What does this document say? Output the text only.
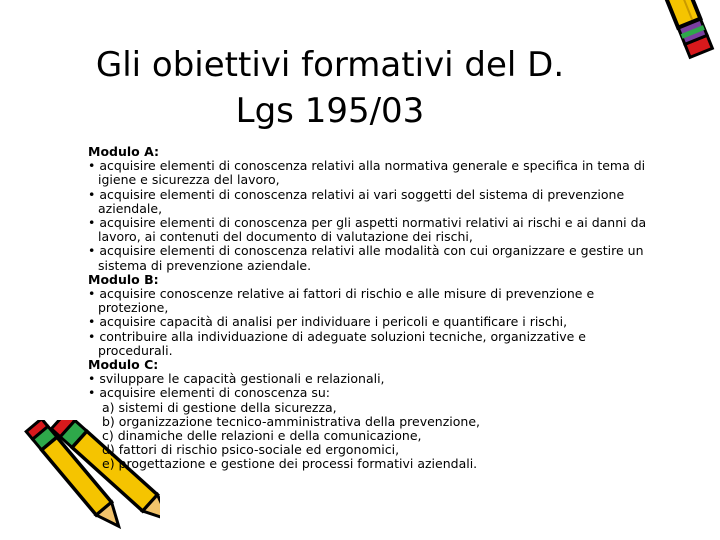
Gli obiettivi formativi del D.
Lgs 195/03

Modulo A:

• acquisire elementi di conoscenza relativi alla normativa generale e specifica in tema di igiene e sicurezza del lavoro,

• acquisire elementi di conoscenza relativi ai vari soggetti del sistema di prevenzione aziendale,

• acquisire elementi di conoscenza per gli aspetti normativi relativi ai rischi e ai danni da lavoro, ai contenuti del documento di valutazione dei rischi,

• acquisire elementi di conoscenza relativi alle modalità con cui organizzare e gestire un sistema di prevenzione aziendale.

Modulo B:

• acquisire conoscenze relative ai fattori di rischio e alle misure di prevenzione e protezione,

• acquisire capacità di analisi per individuare i pericoli e quantificare i rischi,

• contribuire alla individuazione di adeguate soluzioni tecniche, organizzative e procedurali.

Modulo C:

• sviluppare le capacità gestionali e relazionali,

• acquisire elementi di conoscenza su:

a) sistemi di gestione della sicurezza,

b) organizzazione tecnico-amministrativa della prevenzione,

c) dinamiche delle relazioni e della comunicazione,

d) fattori di rischio psico-sociale ed ergonomici,

e) progettazione e gestione dei processi formativi aziendali.
